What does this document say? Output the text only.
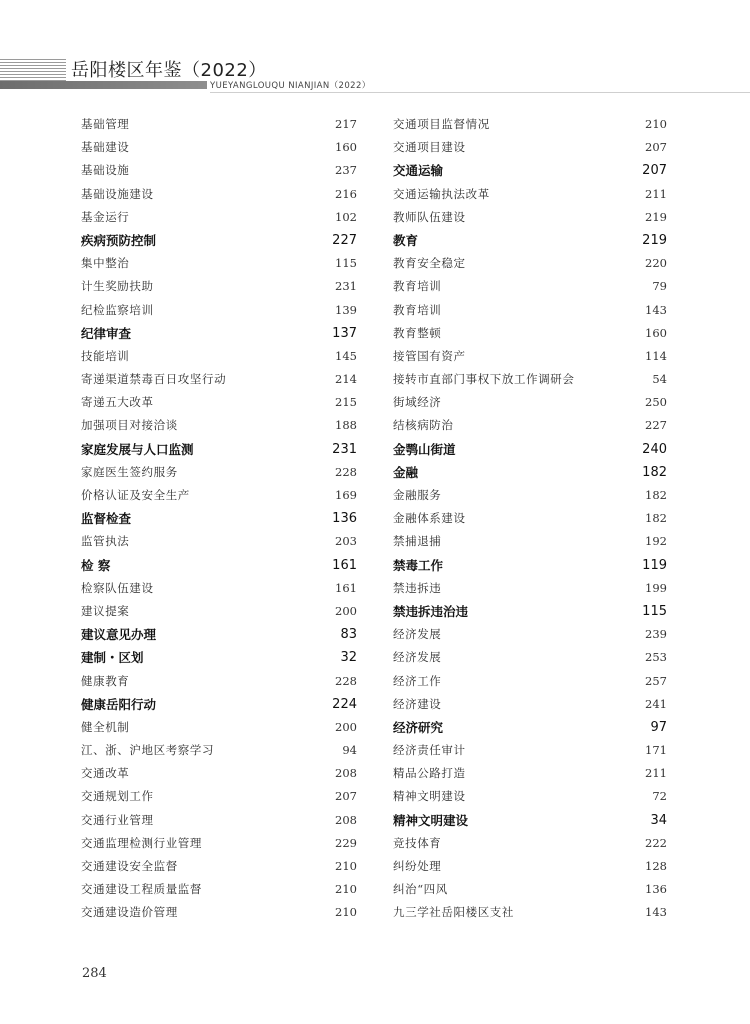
岳阳楼区年鉴（2022）
YUEYANGLOUQU NIANJIAN（2022）
基础管理	217
基础建设	160
基础设施	237
基础设施建设	216
基金运行	102
疾病预防控制	227
集中整治	115
计生奖励扶助	231
纪检监察培训	139
纪律审查	137
技能培训	145
寄递渠道禁毒百日攻坚行动	214
寄递五大改革	215
加强项目对接洽谈	188
家庭发展与人口监测	231
家庭医生签约服务	228
价格认证及安全生产	169
监督检查	136
监管执法	203
检 察	161
检察队伍建设	161
建议提案	200
建议意见办理	83
建制・区划	32
健康教育	228
健康岳阳行动	224
健全机制	200
江、浙、沪地区考察学习	94
交通改革	208
交通规划工作	207
交通行业管理	208
交通监理检测行业管理	229
交通建设安全监督	210
交通建设工程质量监督	210
交通建设造价管理	210
交通项目监督情况	210
交通项目建设	207
交通运输	207
交通运输执法改革	211
教师队伍建设	219
教育	219
教育安全稳定	220
教育培训	79
教育培训	143
教育整顿	160
接管国有资产	114
接转市直部门事权下放工作调研会	54
街域经济	250
结核病防治	227
金鹗山街道	240
金融	182
金融服务	182
金融体系建设	182
禁捕退捕	192
禁毒工作	119
禁违拆违	199
禁违拆违治违	115
经济发展	239
经济发展	253
经济工作	257
经济建设	241
经济研究	97
经济责任审计	171
精品公路打造	211
精神文明建设	72
精神文明建设	34
竞技体育	222
纠纷处理	128
纠治“四风	136
九三学社岳阳楼区支社	143
284
